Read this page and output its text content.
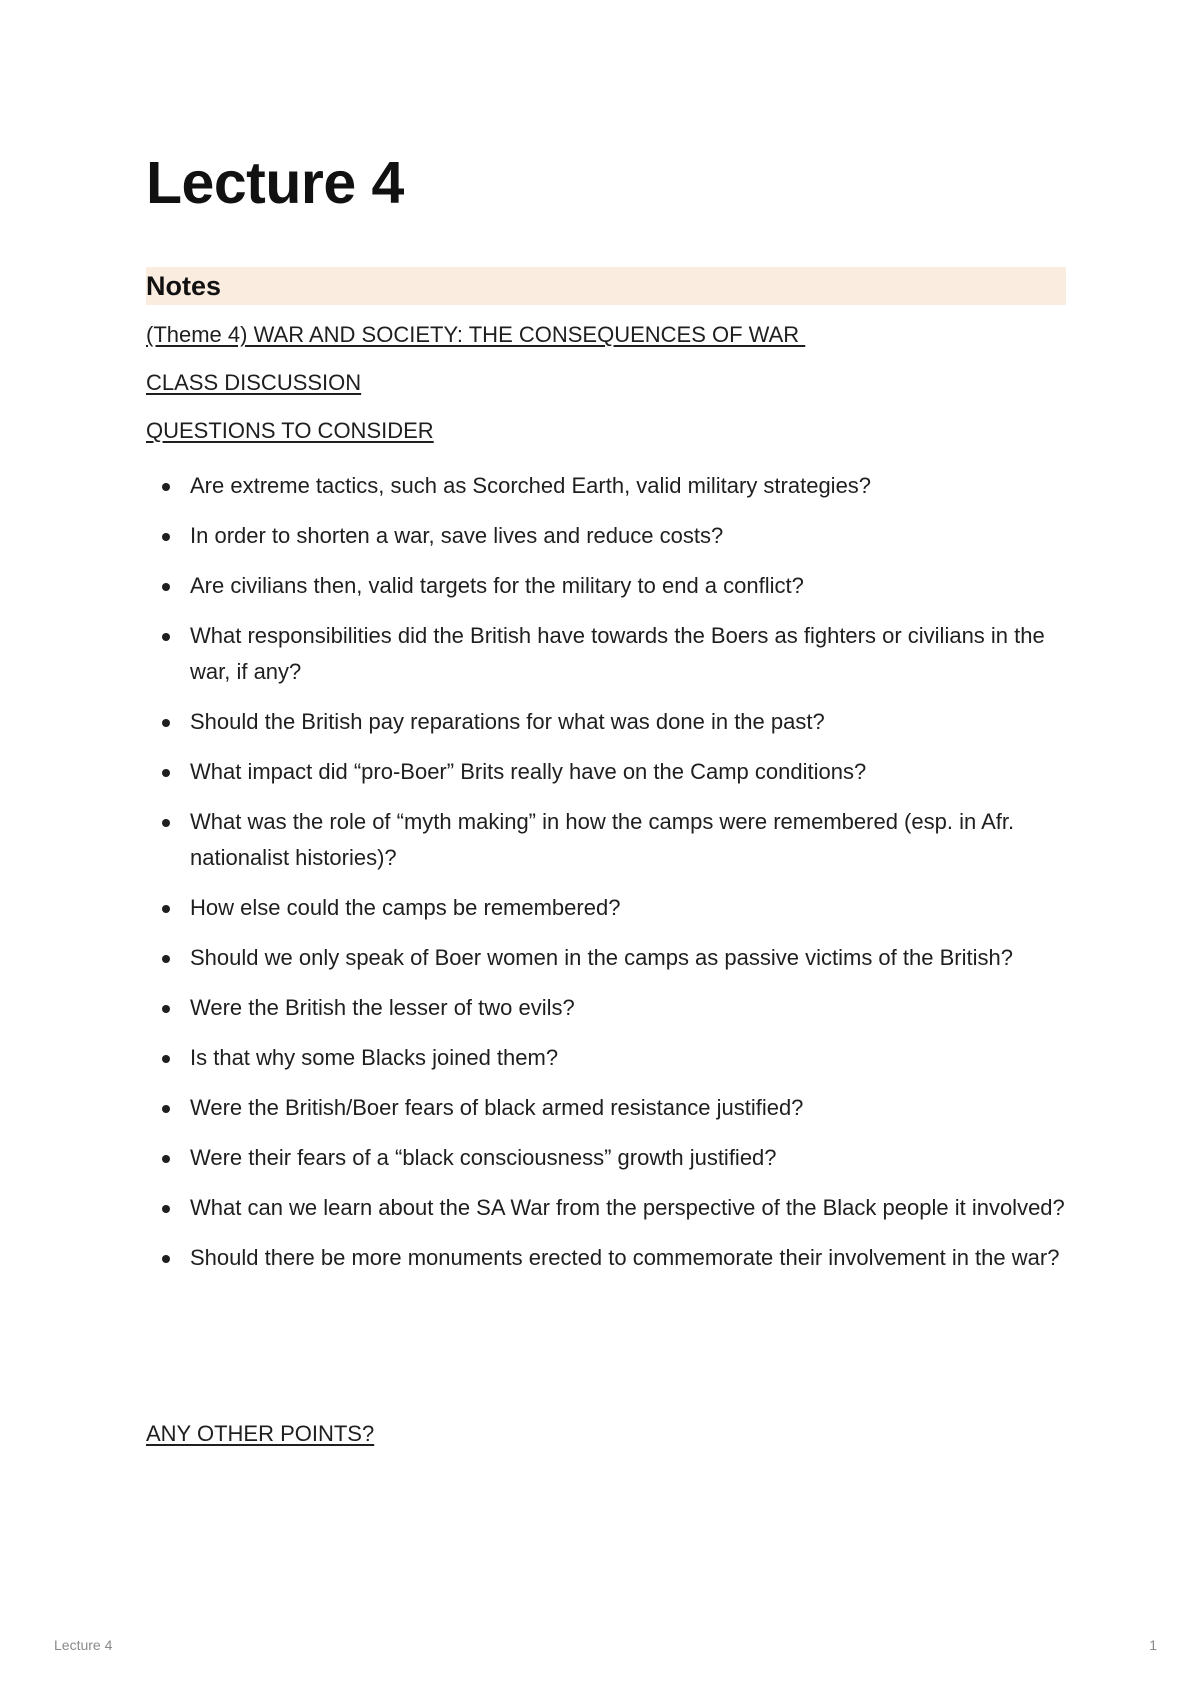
Lecture 4
Notes
(Theme 4) WAR AND SOCIETY: THE CONSEQUENCES OF WAR
CLASS DISCUSSION
QUESTIONS TO CONSIDER
Are extreme tactics, such as Scorched Earth, valid military strategies?
In order to shorten a war, save lives and reduce costs?
Are civilians then, valid targets for the military to end a conflict?
What responsibilities did the British have towards the Boers as fighters or civilians in the war, if any?
Should the British pay reparations for what was done in the past?
What impact did “pro-Boer” Brits really have on the Camp conditions?
What was the role of “myth making” in how the camps were remembered (esp. in Afr. nationalist histories)?
How else could the camps be remembered?
Should we only speak of Boer women in the camps as passive victims of the British?
Were the British the lesser of two evils?
Is that why some Blacks joined them?
Were the British/Boer fears of black armed resistance justified?
Were their fears of a “black consciousness” growth justified?
What can we learn about the SA War from the perspective of the Black people it involved?
Should there be more monuments erected to commemorate their involvement in the war?
ANY OTHER POINTS?
Lecture 4	1
